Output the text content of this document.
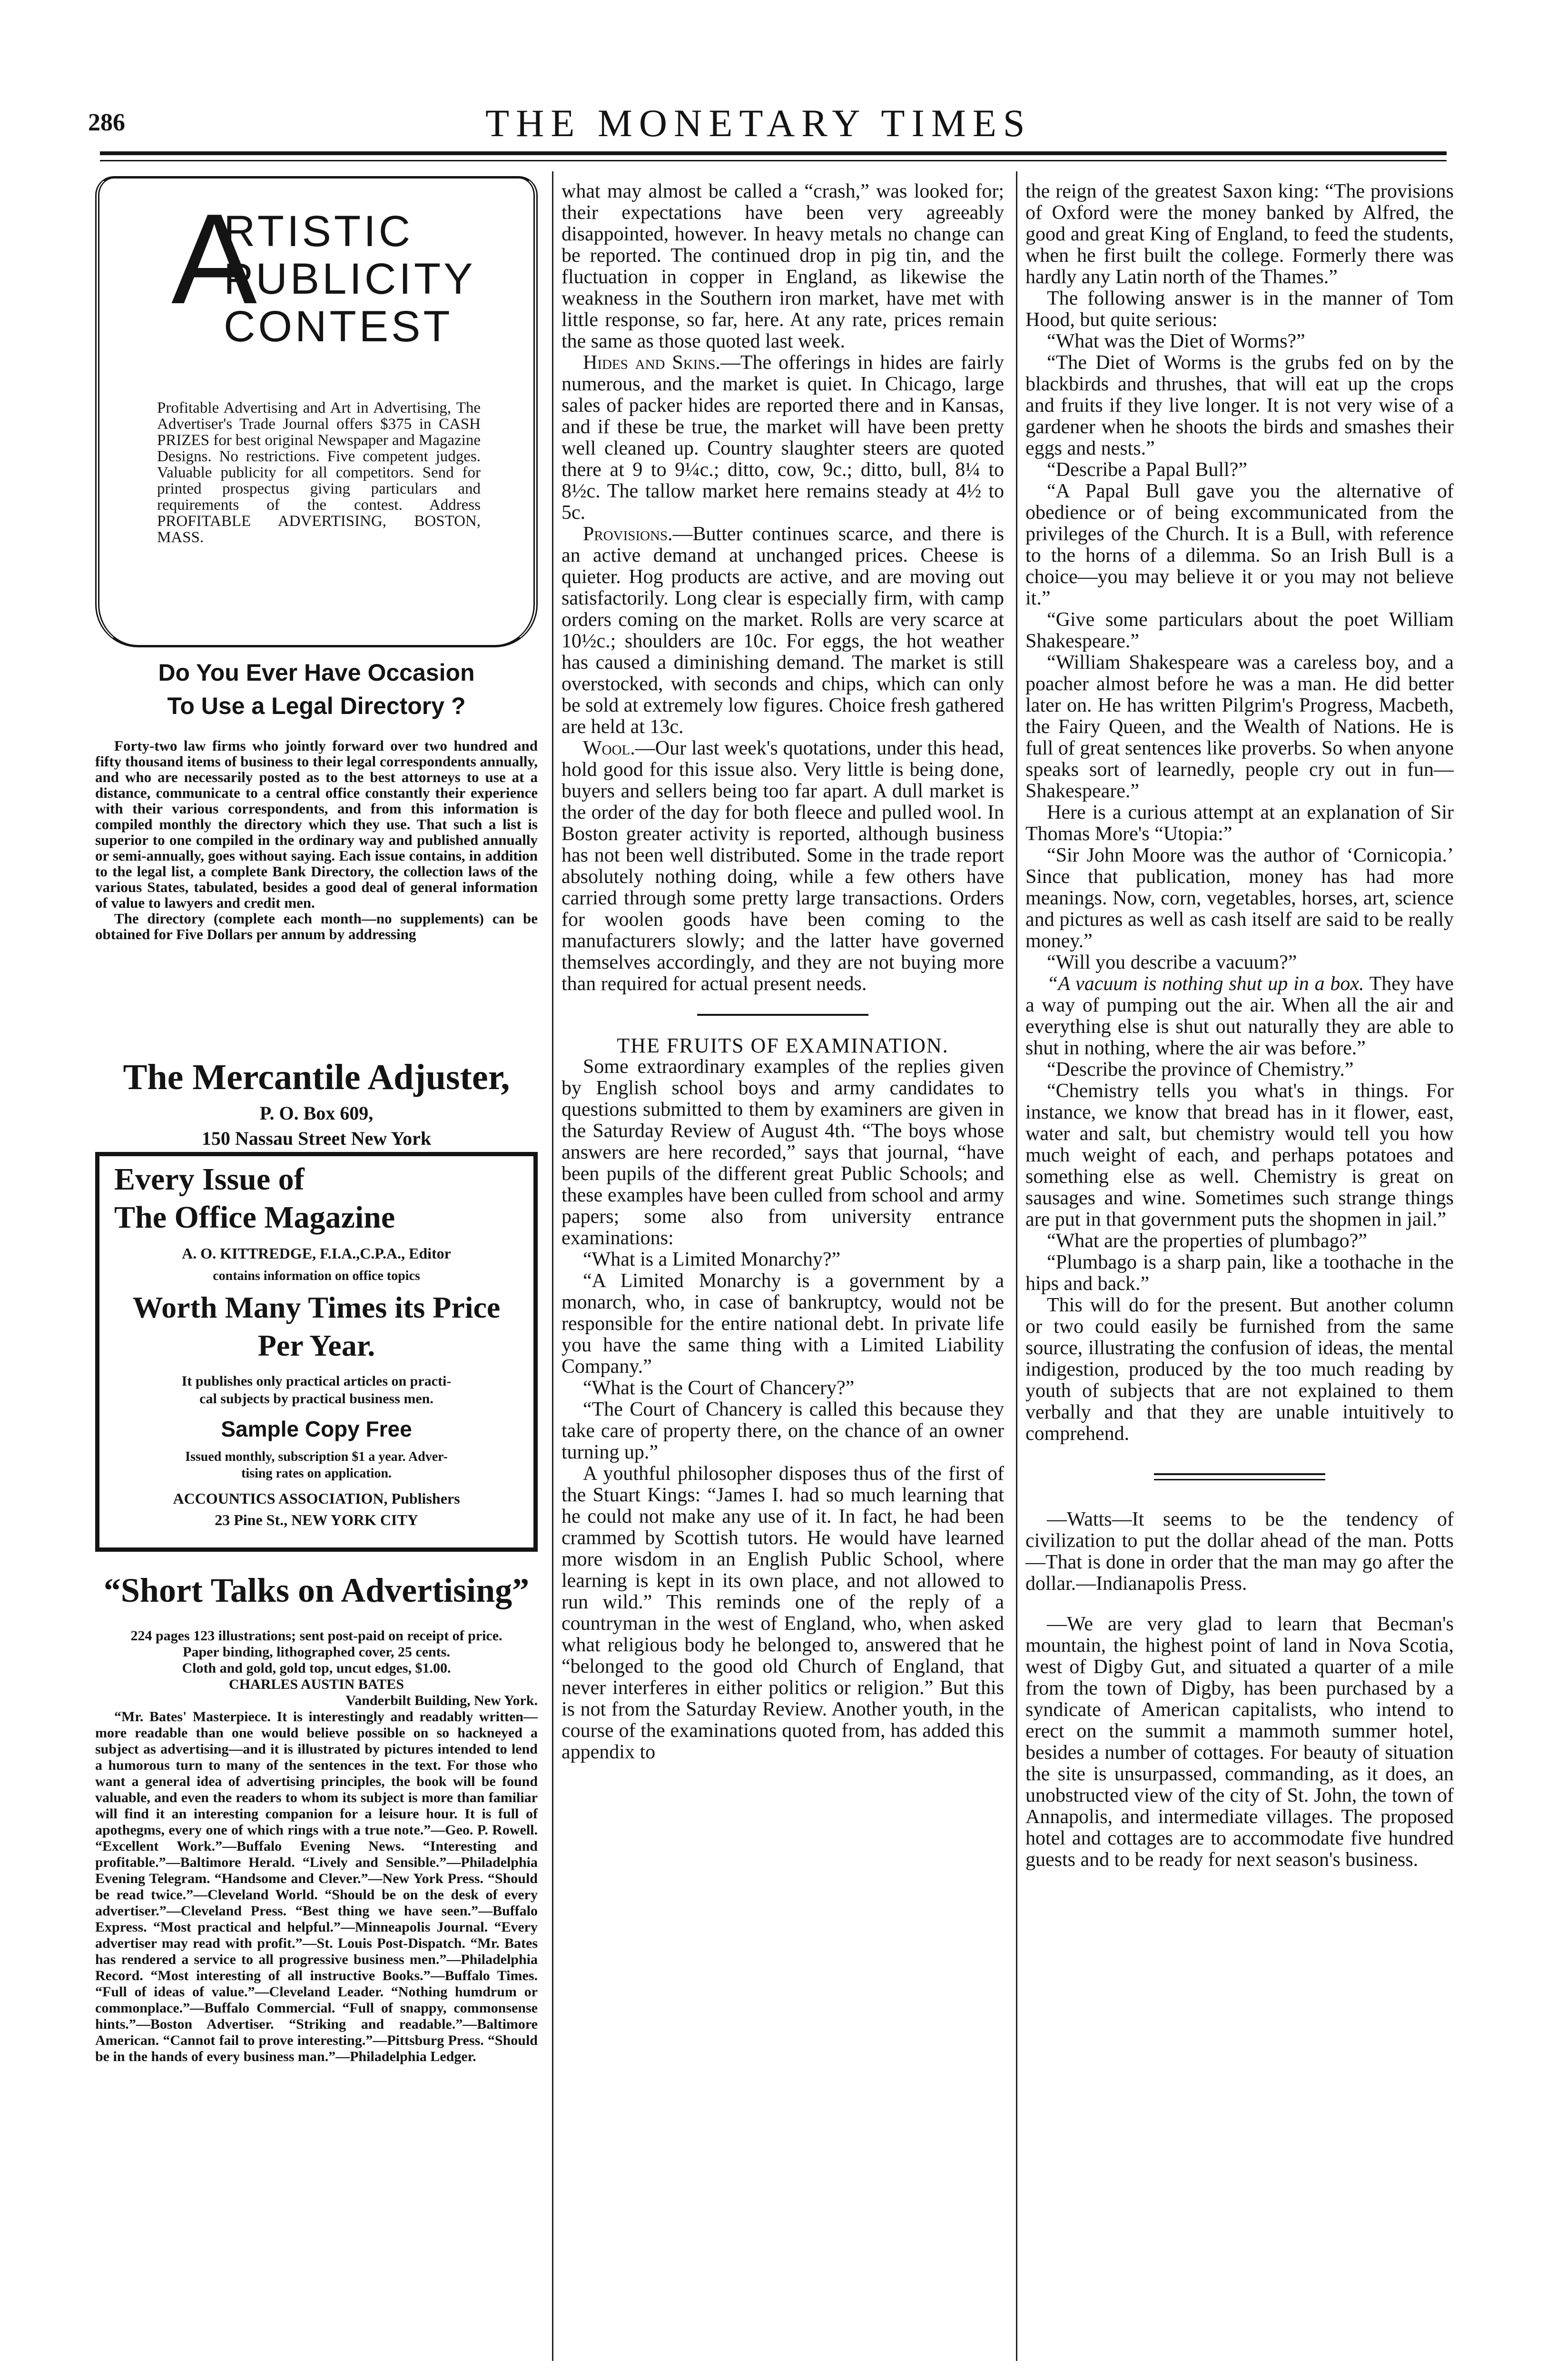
286	THE MONETARY TIMES
A
RTISTIC
PUBLICITY
CONTEST
Profitable Advertising and Art in Advertising, The Advertiser's Trade Journal offers $375 in CASH PRIZES for best original Newspaper and Magazine Designs. No restrictions. Five competent judges. Valuable publicity for all competitors. Send for printed prospectus giving particulars and requirements of the contest. Address PROFITABLE ADVERTISING, BOSTON, MASS.
Do You Ever Have Occasion
To Use a Legal Directory ?
Forty-two law firms who jointly forward over two hundred and fifty thousand items of business to their legal correspondents annually, and who are necessarily posted as to the best attorneys to use at a distance, communicate to a central office constantly their experience with their various correspondents, and from this information is compiled monthly the directory which they use. That such a list is superior to one compiled in the ordinary way and published annually or semi-annually, goes without saying. Each issue contains, in addition to the legal list, a complete Bank Directory, the collection laws of the various States, tabulated, besides a good deal of general information of value to lawyers and credit men.
The directory (complete each month—no supplements) can be obtained for Five Dollars per annum by addressing
The Mercantile Adjuster,
P. O. Box 609,
150 Nassau Street New York
Every Issue of
The Office Magazine
A. O. KITTREDGE, F.I.A.,C.P.A., Editor
contains information on office topics
Worth Many Times its Price
Per Year.
It publishes only practical articles on practi-
cal subjects by practical business men.
Sample Copy Free
Issued monthly, subscription $1 a year. Adver-
tising rates on application.
ACCOUNTICS ASSOCIATION, Publishers
23 Pine St., NEW YORK CITY
“Short Talks on Advertising”
224 pages 123 illustrations; sent post-paid on receipt of price.
Paper binding, lithographed cover, 25 cents.
Cloth and gold, gold top, uncut edges, $1.00.
CHARLES AUSTIN BATES
Vanderbilt Building, New York.
“Mr. Bates' Masterpiece. It is interestingly and readably written—more readable than one would believe possible on so hackneyed a subject as advertising—and it is illustrated by pictures intended to lend a humorous turn to many of the sentences in the text. For those who want a general idea of advertising principles, the book will be found valuable, and even the readers to whom its subject is more than familiar will find it an interesting companion for a leisure hour. It is full of apothegms, every one of which rings with a true note.”—Geo. P. Rowell. “Excellent Work.”—Buffalo Evening News. “Interesting and profitable.”—Baltimore Herald. “Lively and Sensible.”—Philadelphia Evening Telegram. “Handsome and Clever.”—New York Press. “Should be read twice.”—Cleveland World. “Should be on the desk of every advertiser.”—Cleveland Press. “Best thing we have seen.”—Buffalo Express. “Most practical and helpful.”—Minneapolis Journal. “Every advertiser may read with profit.”—St. Louis Post-Dispatch. “Mr. Bates has rendered a service to all progressive business men.”—Philadelphia Record. “Most interesting of all instructive Books.”—Buffalo Times. “Full of ideas of value.”—Cleveland Leader. “Nothing humdrum or commonplace.”—Buffalo Commercial. “Full of snappy, commonsense hints.”—Boston Advertiser. “Striking and readable.”—Baltimore American. “Cannot fail to prove interesting.”—Pittsburg Press. “Should be in the hands of every business man.”—Philadelphia Ledger.

what may almost be called a “crash,” was looked for; their expectations have been very agreeably disappointed, however. In heavy metals no change can be reported. The continued drop in pig tin, and the fluctuation in copper in England, as likewise the weakness in the Southern iron market, have met with little response, so far, here. At any rate, prices remain the same as those quoted last week.

Hides and Skins.—The offerings in hides are fairly numerous, and the market is quiet. In Chicago, large sales of packer hides are reported there and in Kansas, and if these be true, the market will have been pretty well cleaned up. Country slaughter steers are quoted there at 9 to 9¼c.; ditto, cow, 9c.; ditto, bull, 8¼ to 8½c. The tallow market here remains steady at 4½ to 5c.

Provisions.—Butter continues scarce, and there is an active demand at unchanged prices. Cheese is quieter. Hog products are active, and are moving out satisfactorily. Long clear is especially firm, with camp orders coming on the market. Rolls are very scarce at 10½c.; shoulders are 10c. For eggs, the hot weather has caused a diminishing demand. The market is still overstocked, with seconds and chips, which can only be sold at extremely low figures. Choice fresh gathered are held at 13c.

Wool.—Our last week's quotations, under this head, hold good for this issue also. Very little is being done, buyers and sellers being too far apart. A dull market is the order of the day for both fleece and pulled wool. In Boston greater activity is reported, although business has not been well distributed. Some in the trade report absolutely nothing doing, while a few others have carried through some pretty large transactions. Orders for woolen goods have been coming to the manufacturers slowly; and the latter have governed themselves accordingly, and they are not buying more than required for actual present needs.

THE FRUITS OF EXAMINATION.

Some extraordinary examples of the replies given by English school boys and army candidates to questions submitted to them by examiners are given in the Saturday Review of August 4th. “The boys whose answers are here recorded,” says that journal, “have been pupils of the different great Public Schools; and these examples have been culled from school and army papers; some also from university entrance examinations:

“What is a Limited Monarchy?”

“A Limited Monarchy is a government by a monarch, who, in case of bankruptcy, would not be responsible for the entire national debt. In private life you have the same thing with a Limited Liability Company.”

“What is the Court of Chancery?”

“The Court of Chancery is called this because they take care of property there, on the chance of an owner turning up.”

A youthful philosopher disposes thus of the first of the Stuart Kings: “James I. had so much learning that he could not make any use of it. In fact, he had been crammed by Scottish tutors. He would have learned more wisdom in an English Public School, where learning is kept in its own place, and not allowed to run wild.” This reminds one of the reply of a countryman in the west of England, who, when asked what religious body he belonged to, answered that he “belonged to the good old Church of England, that never interferes in either politics or religion.” But this is not from the Saturday Review. Another youth, in the course of the examinations quoted from, has added this appendix to

the reign of the greatest Saxon king: “The provisions of Oxford were the money banked by Alfred, the good and great King of England, to feed the students, when he first built the college. Formerly there was hardly any Latin north of the Thames.”

The following answer is in the manner of Tom Hood, but quite serious:

“What was the Diet of Worms?”

“The Diet of Worms is the grubs fed on by the blackbirds and thrushes, that will eat up the crops and fruits if they live longer. It is not very wise of a gardener when he shoots the birds and smashes their eggs and nests.”

“Describe a Papal Bull?”

“A Papal Bull gave you the alternative of obedience or of being excommunicated from the privileges of the Church. It is a Bull, with reference to the horns of a dilemma. So an Irish Bull is a choice—you may believe it or you may not believe it.”

“Give some particulars about the poet William Shakespeare.”

“William Shakespeare was a careless boy, and a poacher almost before he was a man. He did better later on. He has written Pilgrim's Progress, Macbeth, the Fairy Queen, and the Wealth of Nations. He is full of great sentences like proverbs. So when anyone speaks sort of learnedly, people cry out in fun—Shakespeare.”

Here is a curious attempt at an explanation of Sir Thomas More's “Utopia:”

“Sir John Moore was the author of ‘Cornicopia.’ Since that publication, money has had more meanings. Now, corn, vegetables, horses, art, science and pictures as well as cash itself are said to be really money.”

“Will you describe a vacuum?”

“A vacuum is nothing shut up in a box. They have a way of pumping out the air. When all the air and everything else is shut out naturally they are able to shut in nothing, where the air was before.”

“Describe the province of Chemistry.”

“Chemistry tells you what's in things. For instance, we know that bread has in it flower, east, water and salt, but chemistry would tell you how much weight of each, and perhaps potatoes and something else as well. Chemistry is great on sausages and wine. Sometimes such strange things are put in that government puts the shopmen in jail.”

“What are the properties of plumbago?”

“Plumbago is a sharp pain, like a toothache in the hips and back.”

This will do for the present. But another column or two could easily be furnished from the same source, illustrating the confusion of ideas, the mental indigestion, produced by the too much reading by youth of subjects that are not explained to them verbally and that they are unable intuitively to comprehend.

—Watts—It seems to be the tendency of civilization to put the dollar ahead of the man. Potts—That is done in order that the man may go after the dollar.—Indianapolis Press.

—We are very glad to learn that Becman's mountain, the highest point of land in Nova Scotia, west of Digby Gut, and situated a quarter of a mile from the town of Digby, has been purchased by a syndicate of American capitalists, who intend to erect on the summit a mammoth summer hotel, besides a number of cottages. For beauty of situation the site is unsurpassed, commanding, as it does, an unobstructed view of the city of St. John, the town of Annapolis, and intermediate villages. The proposed hotel and cottages are to accommodate five hundred guests and to be ready for next season's business.
